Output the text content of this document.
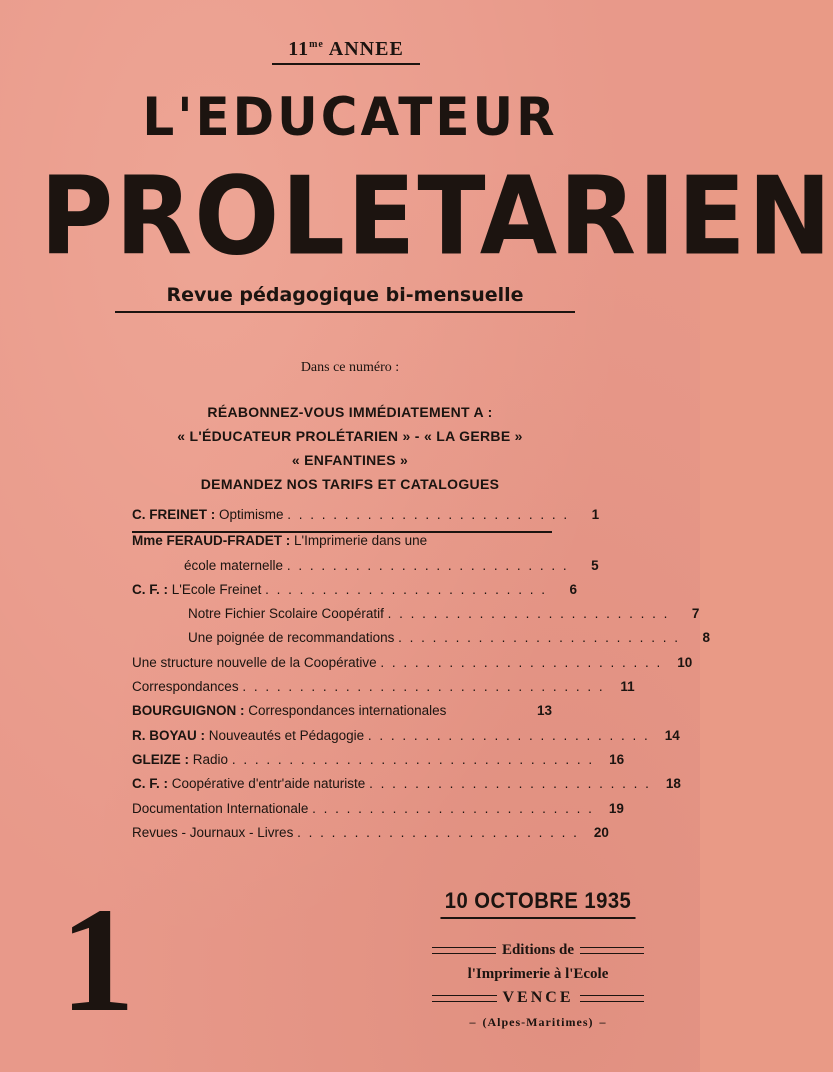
$11^{me}$ ANNEE
L'EDUCATEUR
PROLETARIEN
Revue pédagogique bi-mensuelle
Dans ce numéro :
RÉABONNEZ-VOUS IMMÉDIATEMENT A :
« L'ÉDUCATEUR PROLÉTARIEN » - « LA GERBE »
« ENFANTINES »
DEMANDEZ NOS TARIFS ET CATALOGUES
C. FREINET : Optimisme . . . . . . . . . . . . . . . . . . . . . . . . .	1
Mme FERAUD-FRADET : L'Imprimerie dans une
école maternelle . . . . . . . . . . . . . . . . . . . . . . . . .	5
C. F. : L'Ecole Freinet . . . . . . . . . . . . . . . . . . . . . . . . .	6
Notre Fichier Scolaire Coopératif . . . . . . . . . . . . . . . . . . . . . . . . .	7
Une poignée de recommandations . . . . . . . . . . . . . . . . . . . . . . . . .	8
Une structure nouvelle de la Coopérative . . . . . . . . . . . . . . . . . . . . . . . . .	10
Correspondances . . . . . . . . . . . . . . . . . . . . . . . . . . . . . . . .	11
BOURGUIGNON : Correspondances internationales	13
R. BOYAU : Nouveautés et Pédagogie . . . . . . . . . . . . . . . . . . . . . . . . .	14
GLEIZE : Radio . . . . . . . . . . . . . . . . . . . . . . . . . . . . . . . .	16
C. F. : Coopérative d'entr'aide naturiste . . . . . . . . . . . . . . . . . . . . . . . . .	18
Documentation Internationale . . . . . . . . . . . . . . . . . . . . . . . . .	19
Revues - Journaux - Livres . . . . . . . . . . . . . . . . . . . . . . . . .	20
1	10 OCTOBRE 1935
Editions de
l'Imprimerie à l'Ecole
VENCE
– (Alpes-Maritimes) –
